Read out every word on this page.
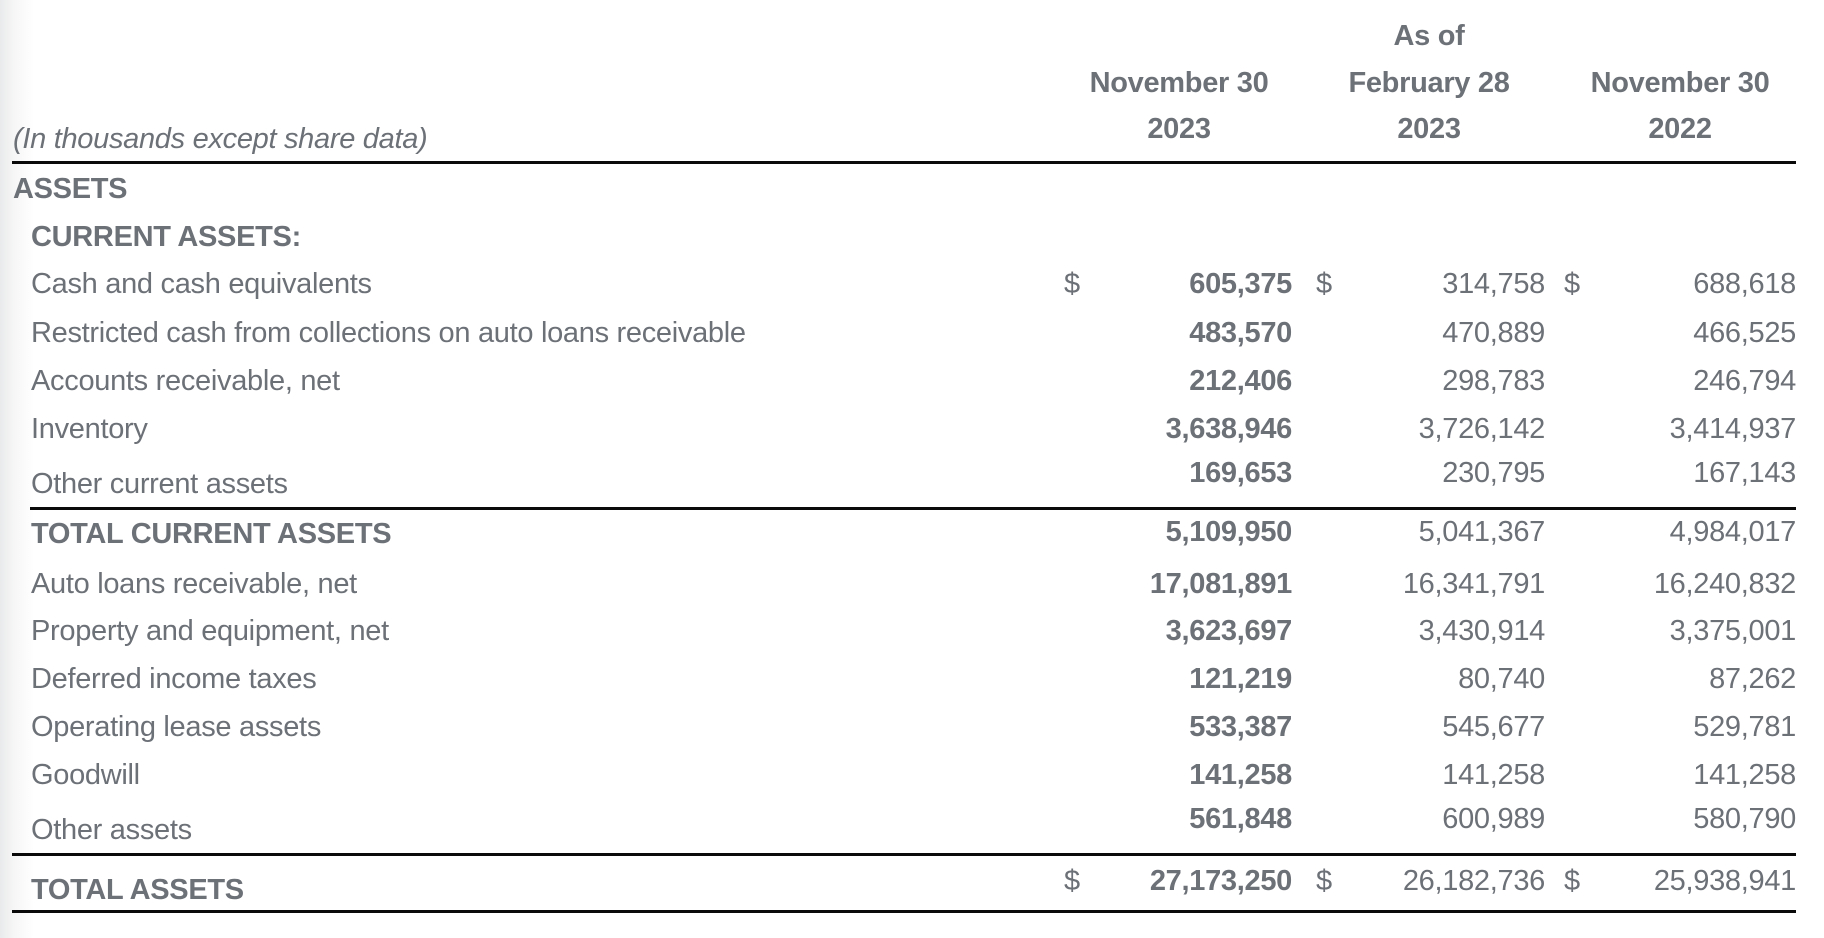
As of
November 30	February 28	November 30
2023	2023	2022
(In thousands except share data)
ASSETS
CURRENT ASSETS:
Cash and cash equivalents	$	605,375 $	314,758 $	688,618
Restricted cash from collections on auto loans receivable	483,570	470,889	466,525
Accounts receivable, net	212,406	298,783	246,794
Inventory	3,638,946	3,726,142	3,414,937
Other current assets	169,653	230,795	167,143
TOTAL CURRENT ASSETS	5,109,950	5,041,367	4,984,017
Auto loans receivable, net	17,081,891	16,341,791	16,240,832
Property and equipment, net	3,623,697	3,430,914	3,375,001
Deferred income taxes	121,219	80,740	87,262
Operating lease assets	533,387	545,677	529,781
Goodwill	141,258	141,258	141,258
Other assets	561,848	600,989	580,790
TOTAL ASSETS	$ 27,173,250 $ 26,182,736 $	25,938,941
